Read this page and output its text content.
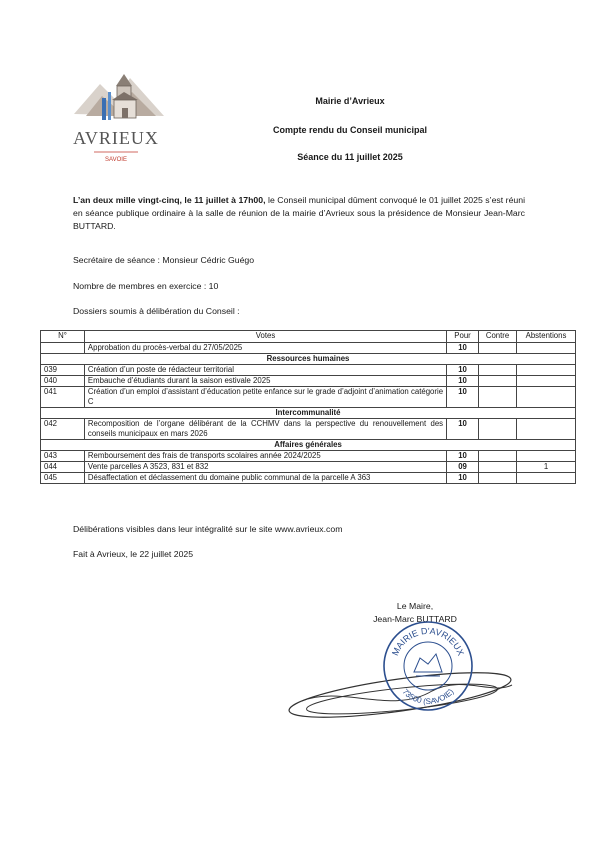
AVRIEUX
SAVOIE
Mairie d’Avrieux
Compte rendu du Conseil municipal
Séance du 11 juillet 2025
L’an deux mille vingt-cinq, le 11 juillet à 17h00, le Conseil municipal dûment convoqué le 01 juillet 2025 s’est réuni en séance publique ordinaire à la salle de réunion de la mairie d’Avrieux sous la présidence de Monsieur Jean-Marc BUTTARD.
Secrétaire de séance : Monsieur Cédric Guégo
Nombre de membres en exercice : 10
Dossiers soumis à délibération du Conseil :
N°	Votes	Pour	Contre	Abstentions
	Approbation du procès-verbal du 27/05/2025	10		
Ressources humaines				
039	Création d’un poste de rédacteur territorial	10		
040	Embauche d’étudiants durant la saison estivale 2025	10		
041	Création d’un emploi d’assistant d’éducation petite enfance sur le grade d’adjoint d’animation catégorie C	10		
Intercommunalité				
042	Recomposition de l’organe délibérant de la CCHMV dans la perspective du renouvellement des conseils municipaux en mars 2026	10		
Affaires générales				
043	Remboursement des frais de transports scolaires année 2024/2025	10		
044	Vente parcelles A 3523, 831 et 832	09		1
045	Désaffectation et déclassement du domaine public communal de la parcelle A 363	10		
Délibérations visibles dans leur intégralité sur le site www.avrieux.com
Fait à Avrieux, le 22 juillet 2025
Le Maire,
Jean-Marc BUTTARD
MAIRIE D'AVRIEUX
73500 (SAVOIE)
